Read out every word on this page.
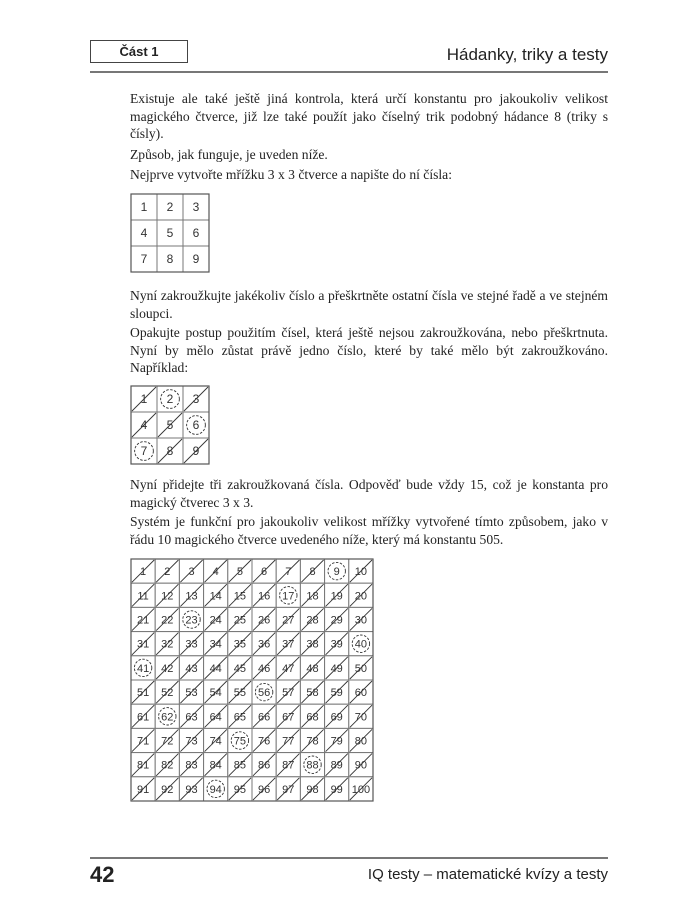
Část 1	Hádanky, triky a testy

Existuje ale také ještě jiná kontrola, která určí konstantu pro jakoukoliv velikost magického čtverce, již lze také použít jako číselný trik podobný hádance 8 (triky s čísly).

Způsob, jak funguje, je uveden níže.

Nejprve vytvořte mřížku 3 x 3 čtverce a napište do ní čísla:

1 2 3
4 5 6
7 8 9

Nyní zakroužkujte jakékoliv číslo a přeškrtněte ostatní čísla ve stejné řadě a ve stejném sloupci.

Opakujte postup použitím čísel, která ještě nejsou zakroužkována, nebo přeškrtnuta. Nyní by mělo zůstat právě jedno číslo, které by také mělo být zakroužkováno. Například:

1 2 3
4 5 6
7 8 9

Nyní přidejte tři zakroužkovaná čísla. Odpověď bude vždy 15, což je konstanta pro magický čtverec 3 x 3.

Systém je funkční pro jakoukoliv velikost mřížky vytvořené tímto způsobem, jako v řádu 10 magického čtverce uvedeného níže, který má konstantu 505.

1 2 3 4 5 6 7 8 9 10
11 12 13 14 15 16 17 18 19 20
21 22 23 24 25 26 27 28 29 30
31 32 33 34 35 36 37 38 39 40
41 42 43 44 45 46 47 48 49 50
51 52 53 54 55 56 57 58 59 60
61 62 63 64 65 66 67 68 69 70
71 72 73 74 75 76 77 78 79 80
81 82 83 84 85 86 87 88 89 90
91 92 93 94 95 96 97 98 99 100
42	IQ testy – matematické kvízy a testy
